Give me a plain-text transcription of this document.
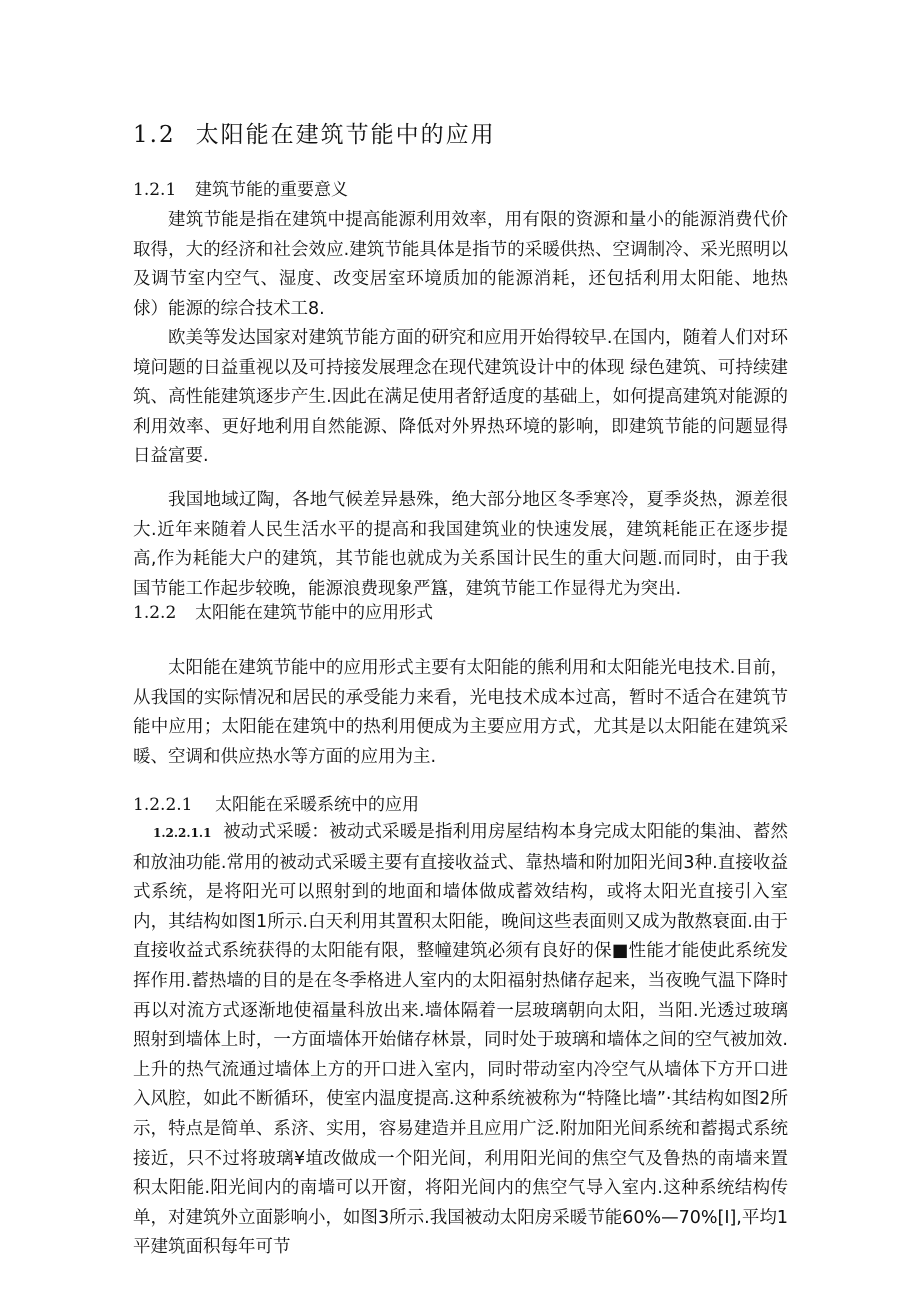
1.2 太阳能在建筑节能中的应用
1.2.1 建筑节能的重要意义

建筑节能是指在建筑中提高能源利用效率，用有限的资源和量小的能源消费代价取得，大的经济和社会效应.建筑节能具体是指节的采暖供热、空调制冷、采光照明以及调节室内空气、湿度、改变居室环境质加的能源消耗，还包括利用太阳能、地热俅）能源的综合技术工8.

欧美等发达国家对建筑节能方面的研究和应用开始得较早.在国内，随着人们对环境问题的日益重视以及可持接发展理念在现代建筑设计中的体现 绿色建筑、可持续建筑、高性能建筑逐步产生.因此在满足使用者舒适度的基础上，如何提高建筑对能源的利用效率、更好地利用自然能源、降低对外界热环境的影响，即建筑节能的问题显得日益富要.

我国地域辽陶，各地气候差异悬殊，绝大部分地区冬季寒冷，夏季炎热，源差很大.近年来随着人民生活水平的提高和我国建筑业的快速发展，建筑耗能正在逐步提高,作为耗能大户的建筑，其节能也就成为关系国计民生的重大问题.而同时，由于我国节能工作起步较晚，能源浪费现象严簋，建筑节能工作显得尤为突出.

1.2.2 太阳能在建筑节能中的应用形式

太阳能在建筑节能中的应用形式主要有太阳能的熊利用和太阳能光电技术.目前，从我国的实际情况和居民的承受能力来看，光电技术成本过高，暂时不适合在建筑节能中应用；太阳能在建筑中的热利用便成为主要应用方式，尤其是以太阳能在建筑采暖、空调和供应热水等方面的应用为主.

1.2.2.1 太阳能在采暖系统中的应用

1.2.2.1.1 被动式采暖：被动式采暖是指利用房屋结构本身完成太阳能的集油、蓄然和放油功能.常用的被动式采暖主要有直接收益式、靠热墙和附加阳光间3种.直接收益式系统，是将阳光可以照射到的地面和墙体做成蓄效结构，或将太阳光直接引入室内，其结构如图1所示.白天利用其置积太阳能，晚间这些表面则又成为散熬衰面.由于直接收益式系统获得的太阳能有限，整幢建筑必须有良好的保■性能才能使此系统发挥作用.蓄热墙的目的是在冬季格进人室内的太阳福射热储存起来，当夜晚气温下降时再以对流方式逐渐地使福量科放出来.墙体隔着一层玻璃朝向太阳，当阳.光透过玻璃照射到墙体上时，一方面墙体开始储存林景，同时处于玻璃和墙体之间的空气被加效.上升的热气流通过墙体上方的开口进入室内，同时带动室内冷空气从墙体下方开口进入风腔，如此不断循环，使室内温度提高.这种系统被称为“特隆比墙”·其结构如图2所示，特点是简单、系济、实用，容易建造并且应用广泛.附加阳光间系统和蓄揭式系统接近，只不过将玻璃¥埴改做成一个阳光间，利用阳光间的焦空气及鲁热的南墙来置积太阳能.阳光间内的南墙可以开窗，将阳光间内的焦空气导入室内.这种系统结构传单，对建筑外立面影响小，如图3所示.我国被动太阳房采暖节能60%—70%[I],平均1平建筑面积每年可节
